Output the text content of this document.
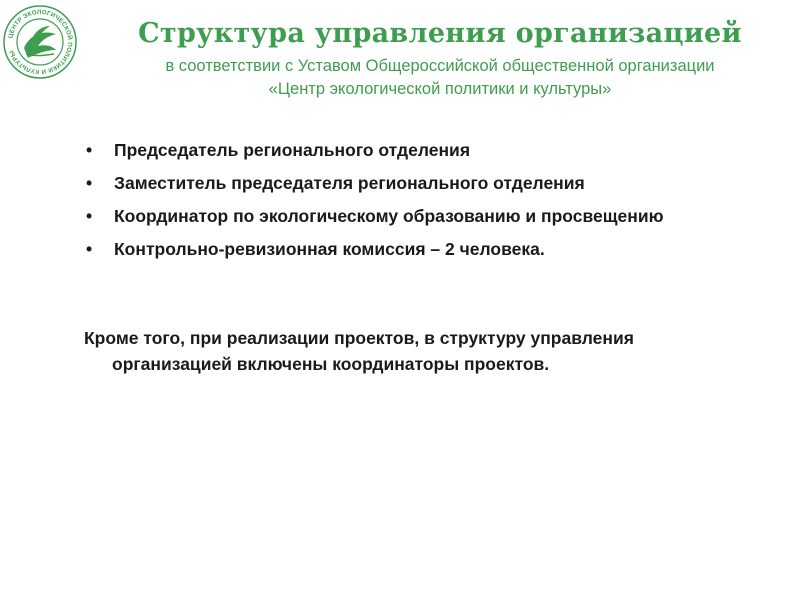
ЦЕНТР ЭКОЛОГИЧЕСКОЙ ПОЛИТИКИ И КУЛЬТУРЫ
Структура управления организацией
в соответствии с Уставом Общероссийской общественной организации
«Центр экологической политики и культуры»
• Председатель регионального отделения
• Заместитель председателя регионального отделения
• Координатор по экологическому образованию и просвещению
• Контрольно-ревизионная комиссия – 2 человека.

Кроме того, при реализации проектов, в структуру управления организацией включены координаторы проектов.
